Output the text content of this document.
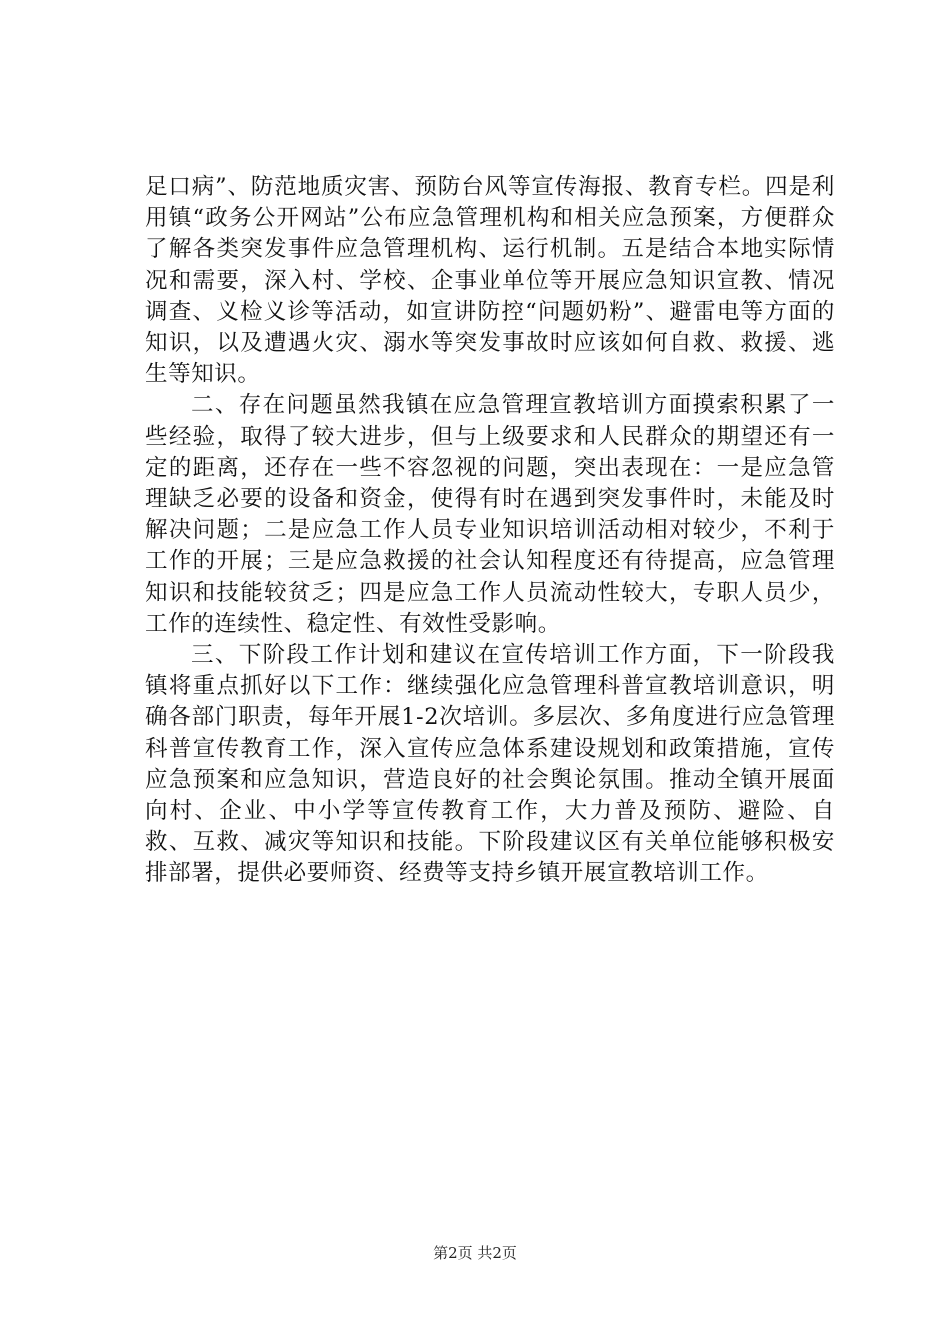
足口病”、防范地质灾害、预防台风等宣传海报、教育专栏。四是利用镇“政务公开网站”公布应急管理机构和相关应急预案，方便群众了解各类突发事件应急管理机构、运行机制。五是结合本地实际情况和需要，深入村、学校、企事业单位等开展应急知识宣教、情况调查、义检义诊等活动，如宣讲防控“问题奶粉”、避雷电等方面的知识，以及遭遇火灾、溺水等突发事故时应该如何自救、救援、逃生等知识。

二、存在问题虽然我镇在应急管理宣教培训方面摸索积累了一些经验，取得了较大进步，但与上级要求和人民群众的期望还有一定的距离，还存在一些不容忽视的问题，突出表现在：一是应急管理缺乏必要的设备和资金，使得有时在遇到突发事件时，未能及时解决问题；二是应急工作人员专业知识培训活动相对较少，不利于工作的开展；三是应急救援的社会认知程度还有待提高，应急管理知识和技能较贫乏；四是应急工作人员流动性较大，专职人员少，工作的连续性、稳定性、有效性受影响。

三、下阶段工作计划和建议在宣传培训工作方面，下一阶段我镇将重点抓好以下工作：继续强化应急管理科普宣教培训意识，明确各部门职责，每年开展1-2次培训。多层次、多角度进行应急管理科普宣传教育工作，深入宣传应急体系建设规划和政策措施，宣传应急预案和应急知识，营造良好的社会舆论氛围。推动全镇开展面向村、企业、中小学等宣传教育工作，大力普及预防、避险、自救、互救、减灾等知识和技能。下阶段建议区有关单位能够积极安排部署，提供必要师资、经费等支持乡镇开展宣教培训工作。

第2页 共2页
